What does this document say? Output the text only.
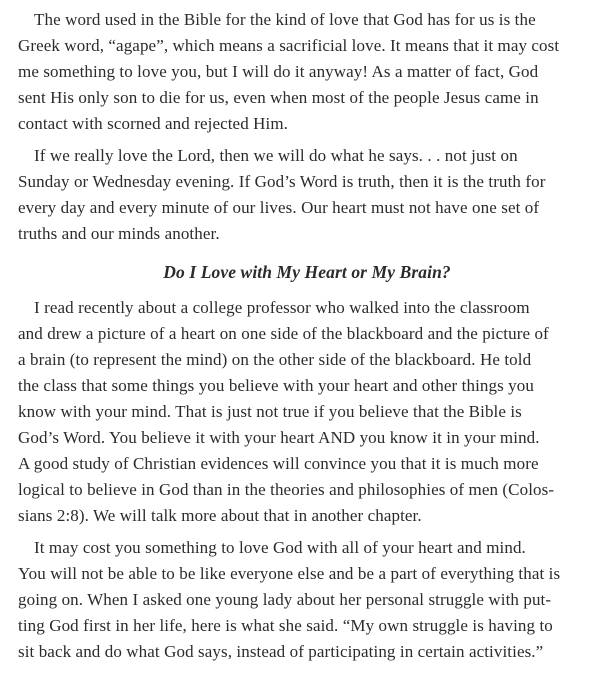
The word used in the Bible for the kind of love that God has for us is the
Greek word, “agape”, which means a sacrificial love. It means that it may cost
me something to love you, but I will do it anyway! As a matter of fact, God
sent His only son to die for us, even when most of the people Jesus came in
contact with scorned and rejected Him.

If we really love the Lord, then we will do what he says. . . not just on
Sunday or Wednesday evening. If God’s Word is truth, then it is the truth for
every day and every minute of our lives. Our heart must not have one set of
truths and our minds another.

Do I Love with My Heart or My Brain?

I read recently about a college professor who walked into the classroom
and drew a picture of a heart on one side of the blackboard and the picture of
a brain (to represent the mind) on the other side of the blackboard. He told
the class that some things you believe with your heart and other things you
know with your mind. That is just not true if you believe that the Bible is
God’s Word. You believe it with your heart AND you know it in your mind.
A good study of Christian evidences will convince you that it is much more
logical to believe in God than in the theories and philosophies of men (Colos-
sians 2:8). We will talk more about that in another chapter.

It may cost you something to love God with all of your heart and mind.
You will not be able to be like everyone else and be a part of everything that is
going on. When I asked one young lady about her personal struggle with put-
ting God first in her life, here is what she said. “My own struggle is having to
sit back and do what God says, instead of participating in certain activities.”
